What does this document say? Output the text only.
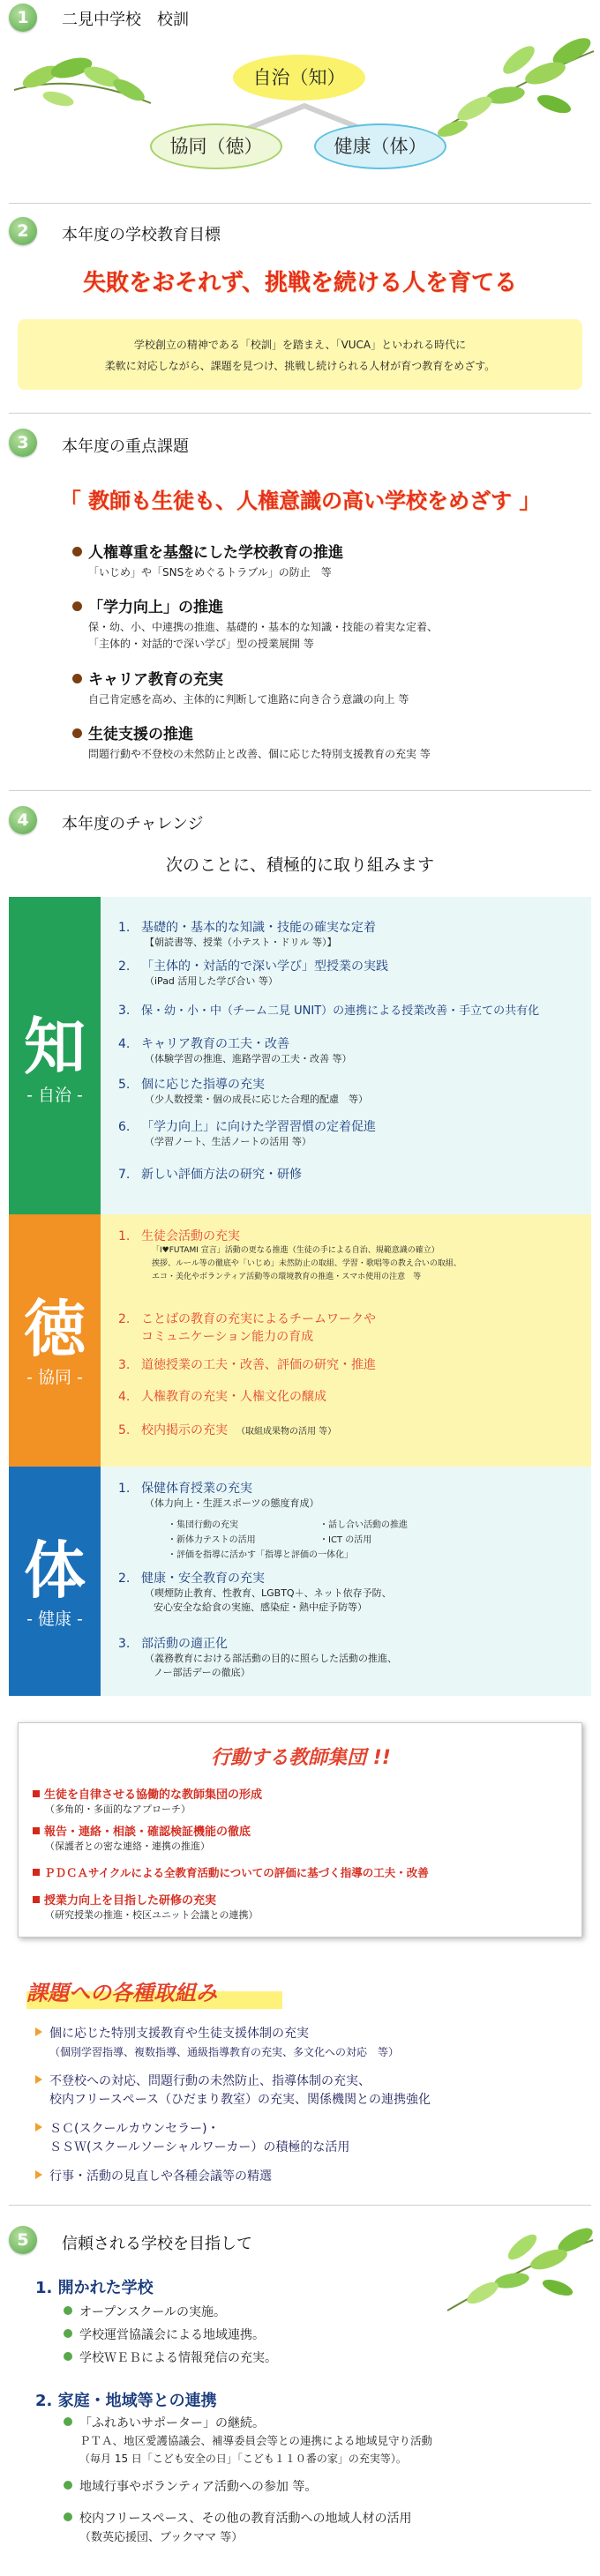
1	二見中学校　校訓
自治（知）
協同（徳）	健康（体）
2	本年度の学校教育目標
失敗をおそれず、挑戦を続ける人を育てる
学校創立の精神である「校訓」を踏まえ、「VUCA」といわれる時代に
柔軟に対応しながら、課題を見つけ、挑戦し続けられる人材が育つ教育をめざす。
3	本年度の重点課題
「 教師も生徒も、人権意識の高い学校をめざす 」
人権尊重を基盤にした学校教育の推進
「いじめ」や「SNSをめぐるトラブル」の防止　等
「学力向上」の推進
保・幼、小、中連携の推進、基礎的・基本的な知識・技能の着実な定着、
「主体的・対話的で深い学び」型の授業展開 等
キャリア教育の充実
自己肯定感を高め、主体的に判断して進路に向き合う意識の向上 等
生徒支援の推進
問題行動や不登校の未然防止と改善、個に応じた特別支援教育の充実 等
4	本年度のチャレンジ
次のことに、積極的に取り組みます
知
- 自治 -
1. 基礎的・基本的な知識・技能の確実な定着
【朝読書等、授業（小テスト・ドリル 等）】
2. 「主体的・対話的で深い学び」型授業の実践
（iPad 活用した学び合い 等）
3. 保・幼・小・中（チーム二見 UNIT）の連携による授業改善・手立ての共有化
4. キャリア教育の工夫・改善
（体験学習の推進、進路学習の工夫・改善 等）
5. 個に応じた指導の充実
（少人数授業・個の成長に応じた合理的配慮　等）
6. 「学力向上」に向けた学習習慣の定着促進
（学習ノート、生活ノートの活用 等）
7. 新しい評価方法の研究・研修
徳
- 協同 -
1. 生徒会活動の充実
「I♥FUTAMI 宣言」活動の更なる推進（生徒の手による自治、規範意識の確立）
挨拶、ルール等の徹底や「いじめ」未然防止の取組、学習・歌唱等の教え合いの取組、
エコ・美化やボランティア活動等の環境教育の推進・スマホ使用の注意　等
2. ことばの教育の充実によるチームワークや
コミュニケーション能力の育成
3. 道徳授業の工夫・改善、評価の研究・推進
4. 人権教育の充実・人権文化の醸成
5. 校内掲示の充実 （取組成果物の活用 等）
体
- 健康 -
1. 保健体育授業の充実
（体力向上・生涯スポーツの態度育成）
・集団行動の充実
・新体力テストの活用
・話し合い活動の推進
・ICT の活用
・評価を指導に活かす「指導と評価の一体化」
2. 健康・安全教育の充実
（喫煙防止教育、性教育、LGBTQ＋、ネット依存予防、
安心安全な給食の実施、感染症・熱中症予防等）
3. 部活動の適正化
（義務教育における部活動の目的に照らした活動の推進、
ノー部活デーの徹底）
行動する教師集団 !!
生徒を自律させる協働的な教師集団の形成
（多角的・多面的なアプローチ）
報告・連絡・相談・確認検証機能の徹底
（保護者との密な連絡・連携の推進）
ＰＤＣＡサイクルによる全教育活動についての評価に基づく指導の工夫・改善
授業力向上を目指した研修の充実
（研究授業の推進・校区ユニット会議との連携）
課題への各種取組み
個に応じた特別支援教育や生徒支援体制の充実
（個別学習指導、複数指導、通級指導教育の充実、多文化への対応　等）
不登校への対応、問題行動の未然防止、指導体制の充実、
校内フリースペース（ひだまり教室）の充実、関係機関との連携強化
ＳＣ(スクールカウンセラー)・
ＳＳＷ(スクールソーシャルワーカー）の積極的な活用
行事・活動の見直しや各種会議等の精選
5	信頼される学校を目指して
1. 開かれた学校
オープンスクールの実施。
学校運営協議会による地域連携。
学校ＷＥＢによる情報発信の充実。
2. 家庭・地域等との連携
「ふれあいサポーター」の継続。
ＰＴＡ、地区愛護協議会、補導委員会等との連携による地域見守り活動
（毎月 15 日「こども安全の日」「こども１１０番の家」の充実等）。
地域行事やボランティア活動への参加 等。
校内フリースペース、その他の教育活動への地域人材の活用
（数英応援団、ブックママ 等）
